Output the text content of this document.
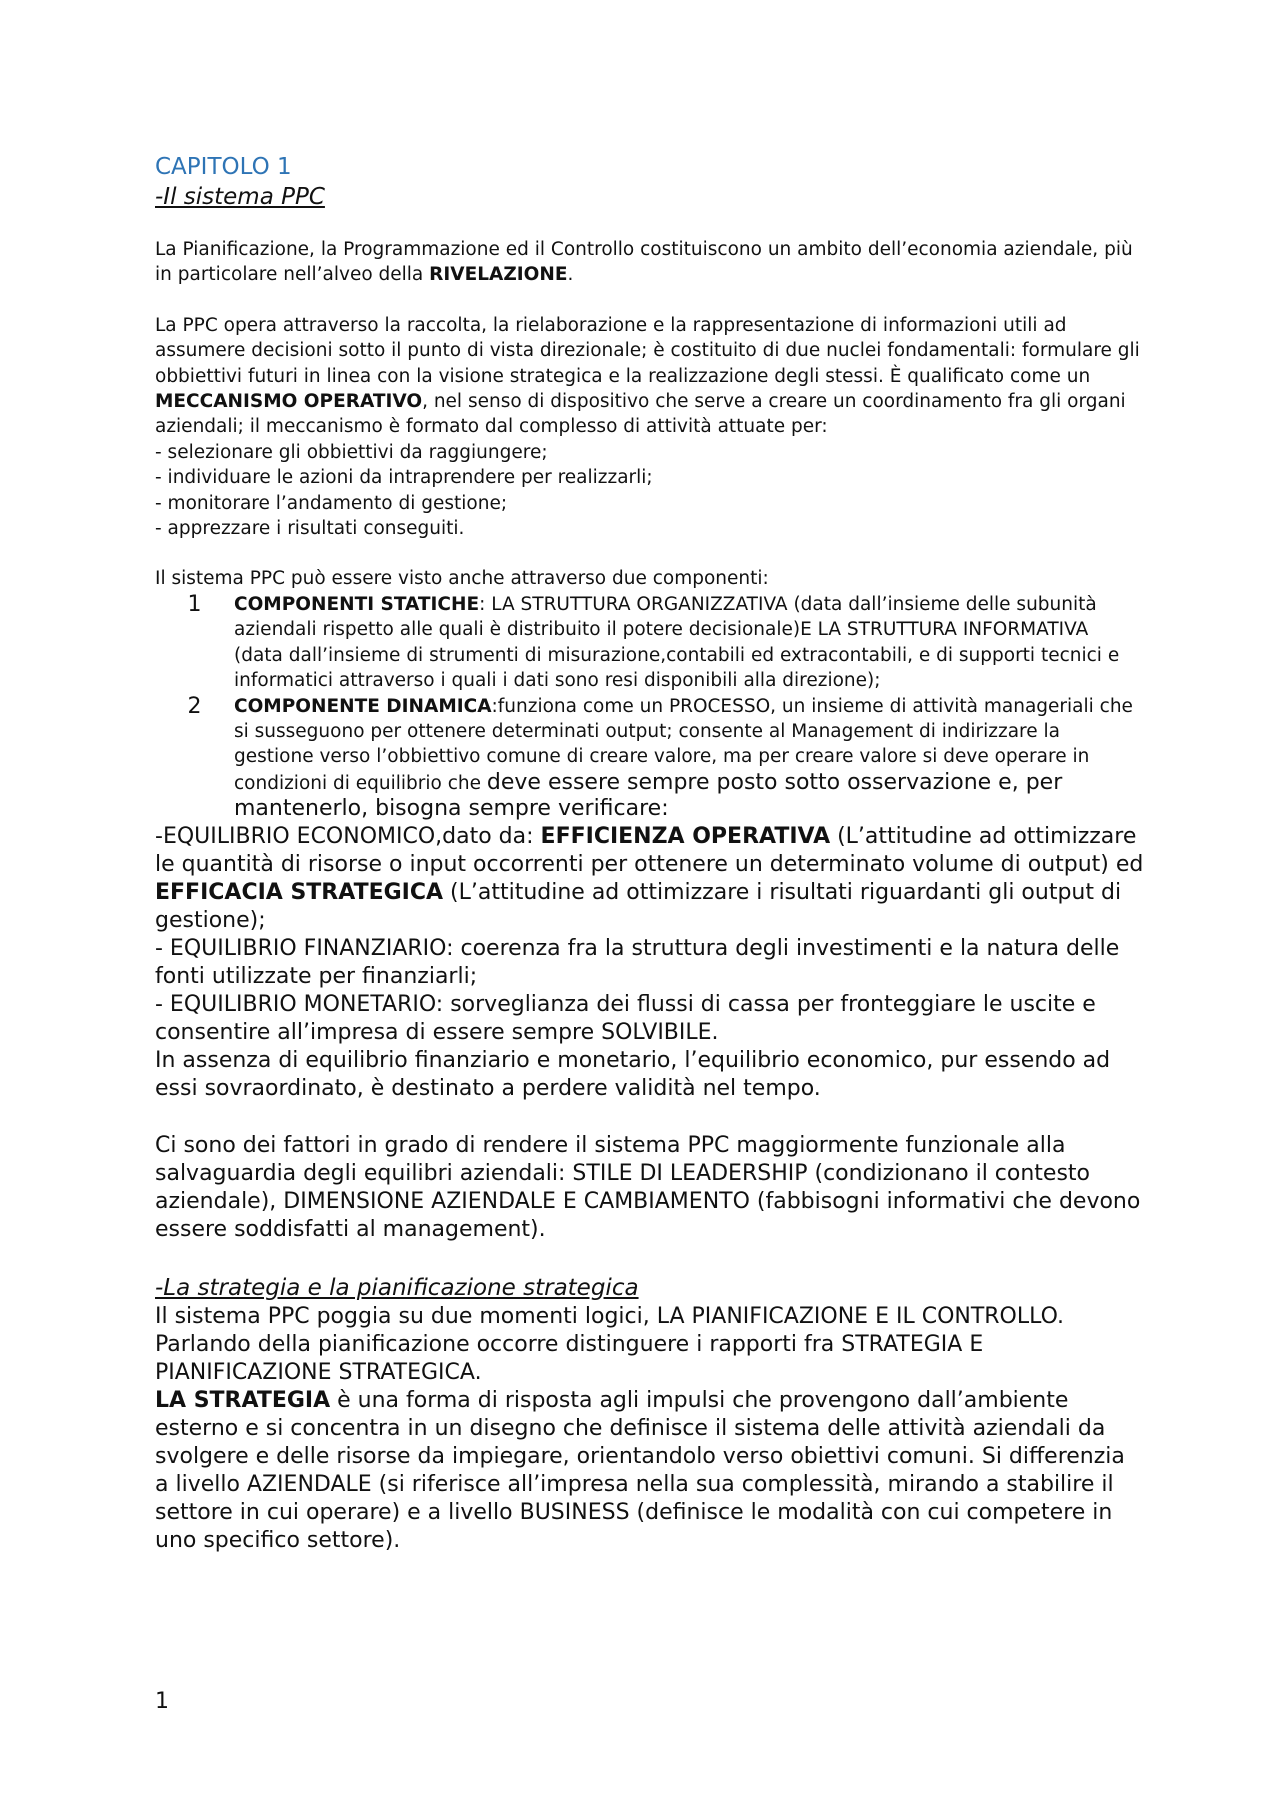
CAPITOLO 1
-Il sistema PPC

La Pianificazione, la Programmazione ed il Controllo costituiscono un ambito dell’economia aziendale, più in particolare nell’alveo della RIVELAZIONE.

La PPC opera attraverso la raccolta, la rielaborazione e la rappresentazione di informazioni utili ad assumere decisioni sotto il punto di vista direzionale; è costituito di due nuclei fondamentali: formulare gli obbiettivi futuri in linea con la visione strategica e la realizzazione degli stessi. È qualificato come un MECCANISMO OPERATIVO, nel senso di dispositivo che serve a creare un coordinamento fra gli organi aziendali; il meccanismo è formato dal complesso di attività attuate per:

- selezionare gli obbiettivi da raggiungere;

- individuare le azioni da intraprendere per realizzarli;

- monitorare l’andamento di gestione;

- apprezzare i risultati conseguiti.

Il sistema PPC può essere visto anche attraverso due componenti:

1	COMPONENTI STATICHE: LA STRUTTURA ORGANIZZATIVA (data dall’insieme delle subunità aziendali rispetto alle quali è distribuito il potere decisionale)E LA STRUTTURA INFORMATIVA (data dall’insieme di strumenti di misurazione,contabili ed extracontabili, e di supporti tecnici e informatici attraverso i quali i dati sono resi disponibili alla direzione);
2	COMPONENTE DINAMICA:funziona come un PROCESSO, un insieme di attività manageriali che si susseguono per ottenere determinati output; consente al Management di indirizzare la gestione verso l’obbiettivo comune di creare valore, ma per creare valore si deve operare in condizioni di equilibrio che deve essere sempre posto sotto osservazione e, per mantenerlo, bisogna sempre verificare:

-EQUILIBRIO ECONOMICO,dato da: EFFICIENZA OPERATIVA (L’attitudine ad ottimizzare le quantità di risorse o input occorrenti per ottenere un determinato volume di output) ed EFFICACIA STRATEGICA (L’attitudine ad ottimizzare i risultati riguardanti gli output di gestione);

- EQUILIBRIO FINANZIARIO: coerenza fra la struttura degli investimenti e la natura delle fonti utilizzate per finanziarli;

- EQUILIBRIO MONETARIO: sorveglianza dei flussi di cassa per fronteggiare le uscite e consentire all’impresa di essere sempre SOLVIBILE.

In assenza di equilibrio finanziario e monetario, l’equilibrio economico, pur essendo ad essi sovraordinato, è destinato a perdere validità nel tempo.

Ci sono dei fattori in grado di rendere il sistema PPC maggiormente funzionale alla salvaguardia degli equilibri aziendali: STILE DI LEADERSHIP (condizionano il contesto aziendale), DIMENSIONE AZIENDALE E CAMBIAMENTO (fabbisogni informativi che devono essere soddisfatti al management).

-La strategia e la pianificazione strategica

Il sistema PPC poggia su due momenti logici, LA PIANIFICAZIONE E IL CONTROLLO.

Parlando della pianificazione occorre distinguere i rapporti fra STRATEGIA E PIANIFICAZIONE STRATEGICA.

LA STRATEGIA è una forma di risposta agli impulsi che provengono dall’ambiente esterno e si concentra in un disegno che definisce il sistema delle attività aziendali da svolgere e delle risorse da impiegare, orientandolo verso obiettivi comuni. Si differenzia a livello AZIENDALE (si riferisce all’impresa nella sua complessità, mirando a stabilire il settore in cui operare) e a livello BUSINESS (definisce le modalità con cui competere in uno specifico settore).

1
